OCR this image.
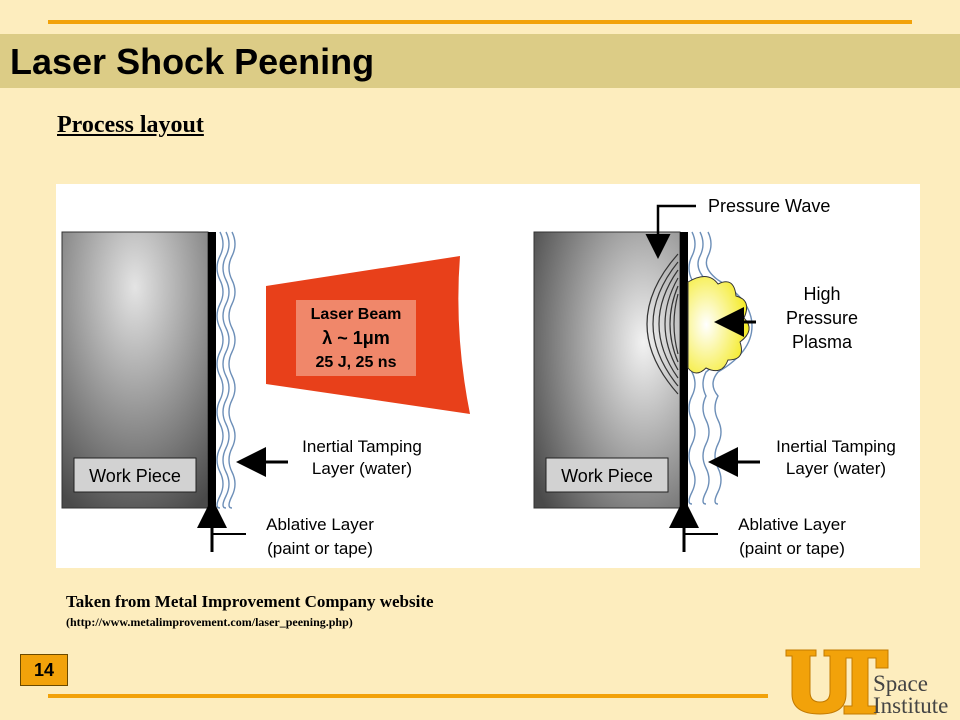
Laser Shock Peening
Process layout
Work Piece
Laser Beam
λ ~ 1μm
25 J, 25 ns
Inertial Tamping
Layer (water)
Ablative Layer
(paint or tape)
Work Piece
Pressure Wave
High
Pressure
Plasma
Inertial Tamping
Layer (water)
Ablative Layer
(paint or tape)
Taken from Metal Improvement Company website
(http://www.metalimprovement.com/laser_peening.php)
14
Space
Institute
